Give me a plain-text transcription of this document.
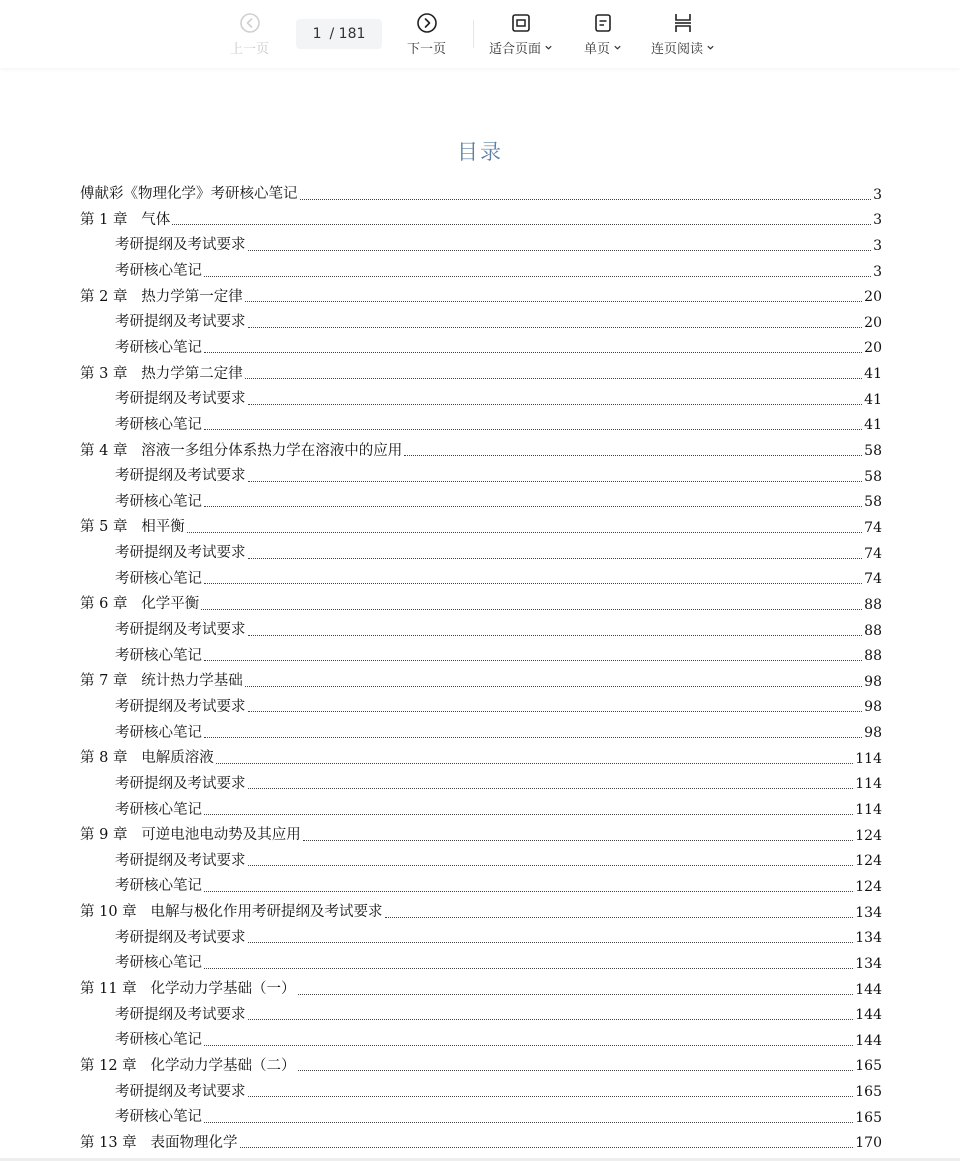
上一页
1 / 181
下一页	适合页面	单页	连页阅读
目录
傅献彩《物理化学》考研核心笔记	3
第 1 章   气体	3
考研提纲及考试要求	3
考研核心笔记	3
第 2 章   热力学第一定律	20
考研提纲及考试要求	20
考研核心笔记	20
第 3 章   热力学第二定律	41
考研提纲及考试要求	41
考研核心笔记	41
第 4 章   溶液一多组分体系热力学在溶液中的应用	58
考研提纲及考试要求	58
考研核心笔记	58
第 5 章   相平衡	74
考研提纲及考试要求	74
考研核心笔记	74
第 6 章   化学平衡	88
考研提纲及考试要求	88
考研核心笔记	88
第 7 章   统计热力学基础	98
考研提纲及考试要求	98
考研核心笔记	98
第 8 章   电解质溶液	114
考研提纲及考试要求	114
考研核心笔记	114
第 9 章   可逆电池电动势及其应用	124
考研提纲及考试要求	124
考研核心笔记	124
第 10 章   电解与极化作用考研提纲及考试要求	134
考研提纲及考试要求	134
考研核心笔记	134
第 11 章   化学动力学基础（一）	144
考研提纲及考试要求	144
考研核心笔记	144
第 12 章   化学动力学基础（二）	165
考研提纲及考试要求	165
考研核心笔记	165
第 13 章   表面物理化学	170
